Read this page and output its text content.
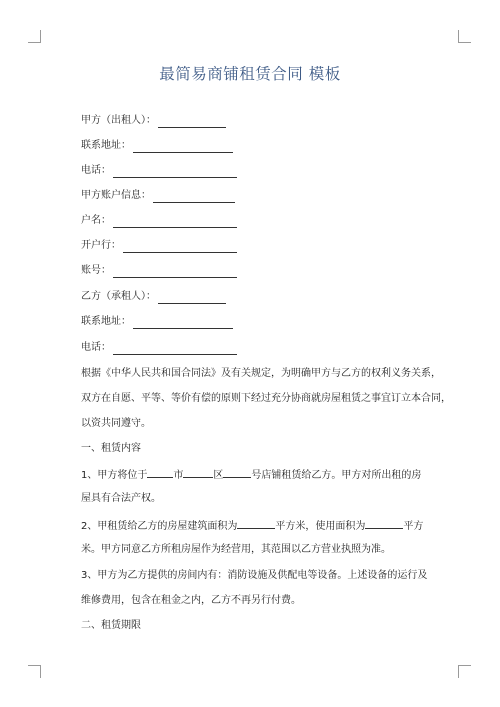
最简易商铺租赁合同 模板
甲方（出租人）：
联系地址：
电话：
甲方账户信息：
户名：
开户行：
账号：
乙方（承租人）：
联系地址：
电话：
根据《中华人民共和国合同法》及有关规定，为明确甲方与乙方的权利义务关系，
双方在自愿、平等、等价有偿的原则下经过充分协商就房屋租赁之事宜订立本合同，
以资共同遵守。
一、租赁内容
1、甲方将位于	市	区	号店铺租赁给乙方。甲方对所出租的房
屋具有合法产权。
2、甲租赁给乙方的房屋建筑面积为	平方米，使用面积为	平方
米。甲方同意乙方所租房屋作为经营用，其范围以乙方营业执照为准。
3、甲方为乙方提供的房间内有：消防设施及供配电等设备。上述设备的运行及
维修费用，包含在租金之内，乙方不再另行付费。
二、租赁期限
